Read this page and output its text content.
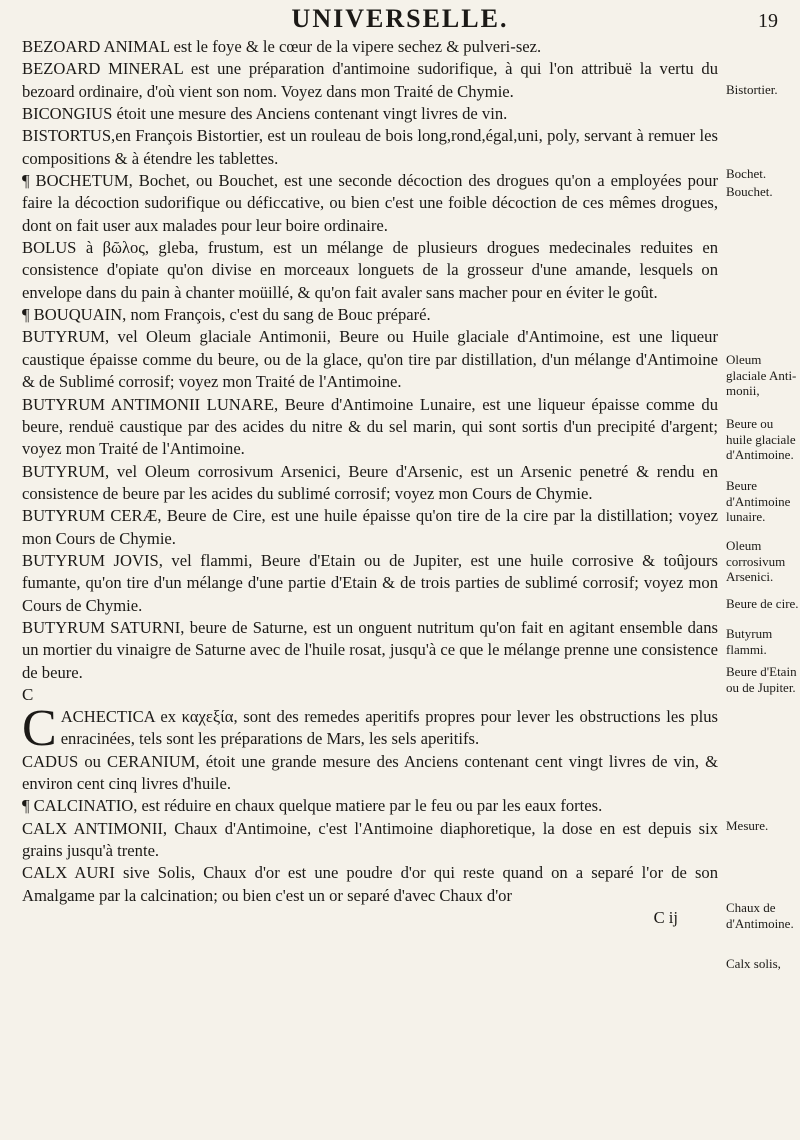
UNIVERSELLE.	19

BEZOARD ANIMAL est le foye & le cœur de la vipere sechez & pulveri-sez.

BEZOARD MINERAL est une préparation d'antimoine sudorifique, à qui l'on attribuë la vertu du bezoard ordinaire, d'où vient son nom. Voyez dans mon Traité de Chymie.

BICONGIUS étoit une mesure des Anciens contenant vingt livres de vin.

BISTORTUS,en François Bistortier, est un rouleau de bois long,rond,égal,uni, poly, servant à remuer les compositions & à étendre les tablettes.

¶ BOCHETUM, Bochet, ou Bouchet, est une seconde décoction des drogues qu'on a employées pour faire la décoction sudorifique ou déficcative, ou bien c'est une foible décoction de ces mêmes drogues, dont on fait user aux malades pour leur boire ordinaire.

BOLUS à βῶλος, gleba, frustum, est un mélange de plusieurs drogues medecinales reduites en consistence d'opiate qu'on divise en morceaux longuets de la grosseur d'une amande, lesquels on envelope dans du pain à chanter moüillé, & qu'on fait avaler sans macher pour en éviter le goût.

¶ BOUQUAIN, nom François, c'est du sang de Bouc préparé.

BUTYRUM, vel Oleum glaciale Antimonii, Beure ou Huile glaciale d'Antimoine, est une liqueur caustique épaisse comme du beure, ou de la glace, qu'on tire par distillation, d'un mélange d'Antimoine & de Sublimé corrosif; voyez mon Traité de l'Antimoine.

BUTYRUM ANTIMONII LUNARE, Beure d'Antimoine Lunaire, est une liqueur épaisse comme du beure, renduë caustique par des acides du nitre & du sel marin, qui sont sortis d'un precipité d'argent; voyez mon Traité de l'Antimoine.

BUTYRUM, vel Oleum corrosivum Arsenici, Beure d'Arsenic, est un Arsenic penetré & rendu en consistence de beure par les acides du sublimé corrosif; voyez mon Cours de Chymie.

BUTYRUM CERÆ, Beure de Cire, est une huile épaisse qu'on tire de la cire par la distillation; voyez mon Cours de Chymie.

BUTYRUM JOVIS, vel flammi, Beure d'Etain ou de Jupiter, est une huile corrosive & toûjours fumante, qu'on tire d'un mélange d'une partie d'Etain & de trois parties de sublimé corrosif; voyez mon Cours de Chymie.

BUTYRUM SATURNI, beure de Saturne, est un onguent nutritum qu'on fait en agitant ensemble dans un mortier du vinaigre de Saturne avec de l'huile rosat, jusqu'à ce que le mélange prenne une consistence de beure.

C

CACHECTICA ex καχεξία, sont des remedes aperitifs propres pour lever les obstructions les plus enracinées, tels sont les préparations de Mars, les sels aperitifs.

CADUS ou CERANIUM, étoit une grande mesure des Anciens contenant cent vingt livres de vin, & environ cent cinq livres d'huile.

¶ CALCINATIO, est réduire en chaux quelque matiere par le feu ou par les eaux fortes.

CALX ANTIMONII, Chaux d'Antimoine, c'est l'Antimoine diaphoretique, la dose en est depuis six grains jusqu'à trente.

CALX AURI sive Solis, Chaux d'or est une poudre d'or qui reste quand on a separé l'or de son Amalgame par la calcination; ou bien c'est un or separé d'avec Chaux d'or

C ij

Bistortier.
Bochet.
Bouchet.
Oleum glaciale Anti-monii,
Beure ou huile glaciale d'Antimoine.
Beure d'Antimoine lunaire.
Oleum corrosivum Arsenici.
Beure de cire.
Butyrum flammi.
Beure d'Etain ou de Jupiter.
Mesure.
Chaux de d'Antimoine.
Calx solis,
